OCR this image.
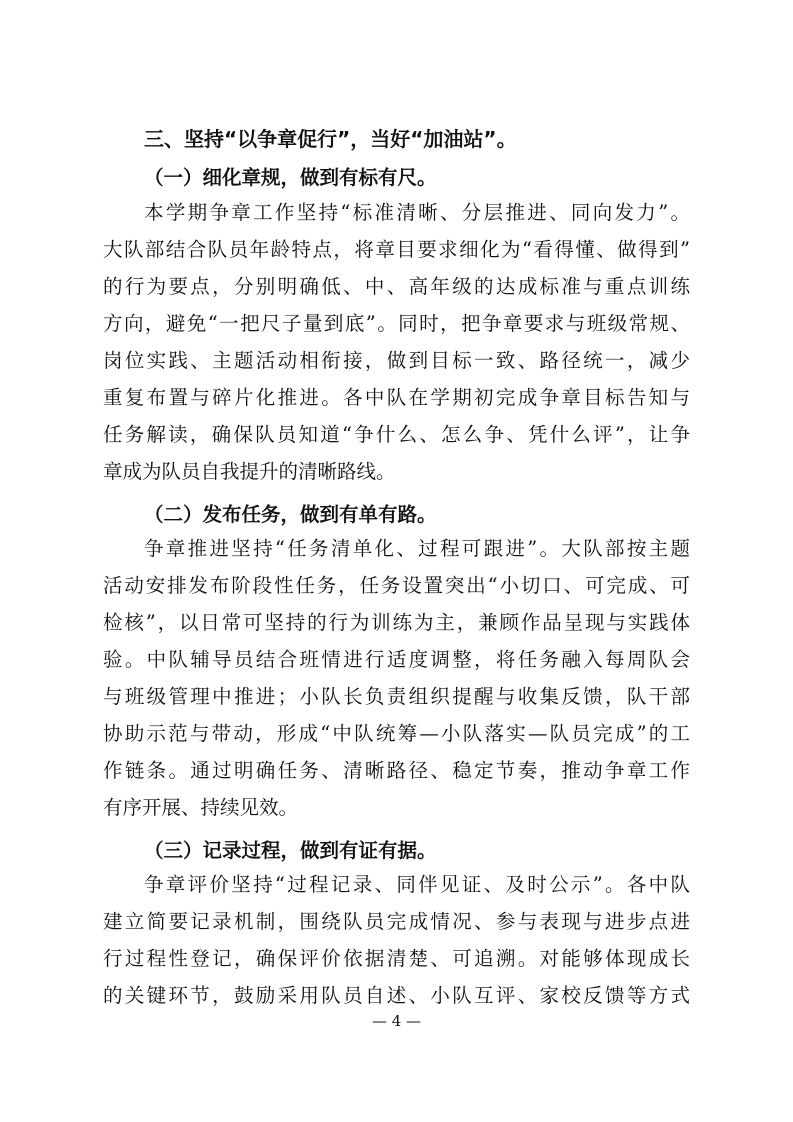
三、坚持“以争章促行”，当好“加油站”。
（一）细化章规，做到有标有尺。
本学期争章工作坚持“标准清晰、分层推进、同向发力”。
大队部结合队员年龄特点，将章目要求细化为“看得懂、做得到”
的行为要点，分别明确低、中、高年级的达成标准与重点训练
方向，避免“一把尺子量到底”。同时，把争章要求与班级常规、
岗位实践、主题活动相衔接，做到目标一致、路径统一，减少
重复布置与碎片化推进。各中队在学期初完成争章目标告知与
任务解读，确保队员知道“争什么、怎么争、凭什么评”，让争
章成为队员自我提升的清晰路线。
（二）发布任务，做到有单有路。
争章推进坚持“任务清单化、过程可跟进”。大队部按主题
活动安排发布阶段性任务，任务设置突出“小切口、可完成、可
检核”，以日常可坚持的行为训练为主，兼顾作品呈现与实践体
验。中队辅导员结合班情进行适度调整，将任务融入每周队会
与班级管理中推进；小队长负责组织提醒与收集反馈，队干部
协助示范与带动，形成“中队统筹—小队落实—队员完成”的工
作链条。通过明确任务、清晰路径、稳定节奏，推动争章工作
有序开展、持续见效。
（三）记录过程，做到有证有据。
争章评价坚持“过程记录、同伴见证、及时公示”。各中队
建立简要记录机制，围绕队员完成情况、参与表现与进步点进
行过程性登记，确保评价依据清楚、可追溯。对能够体现成长
的关键环节，鼓励采用队员自述、小队互评、家校反馈等方式
— 4 —
